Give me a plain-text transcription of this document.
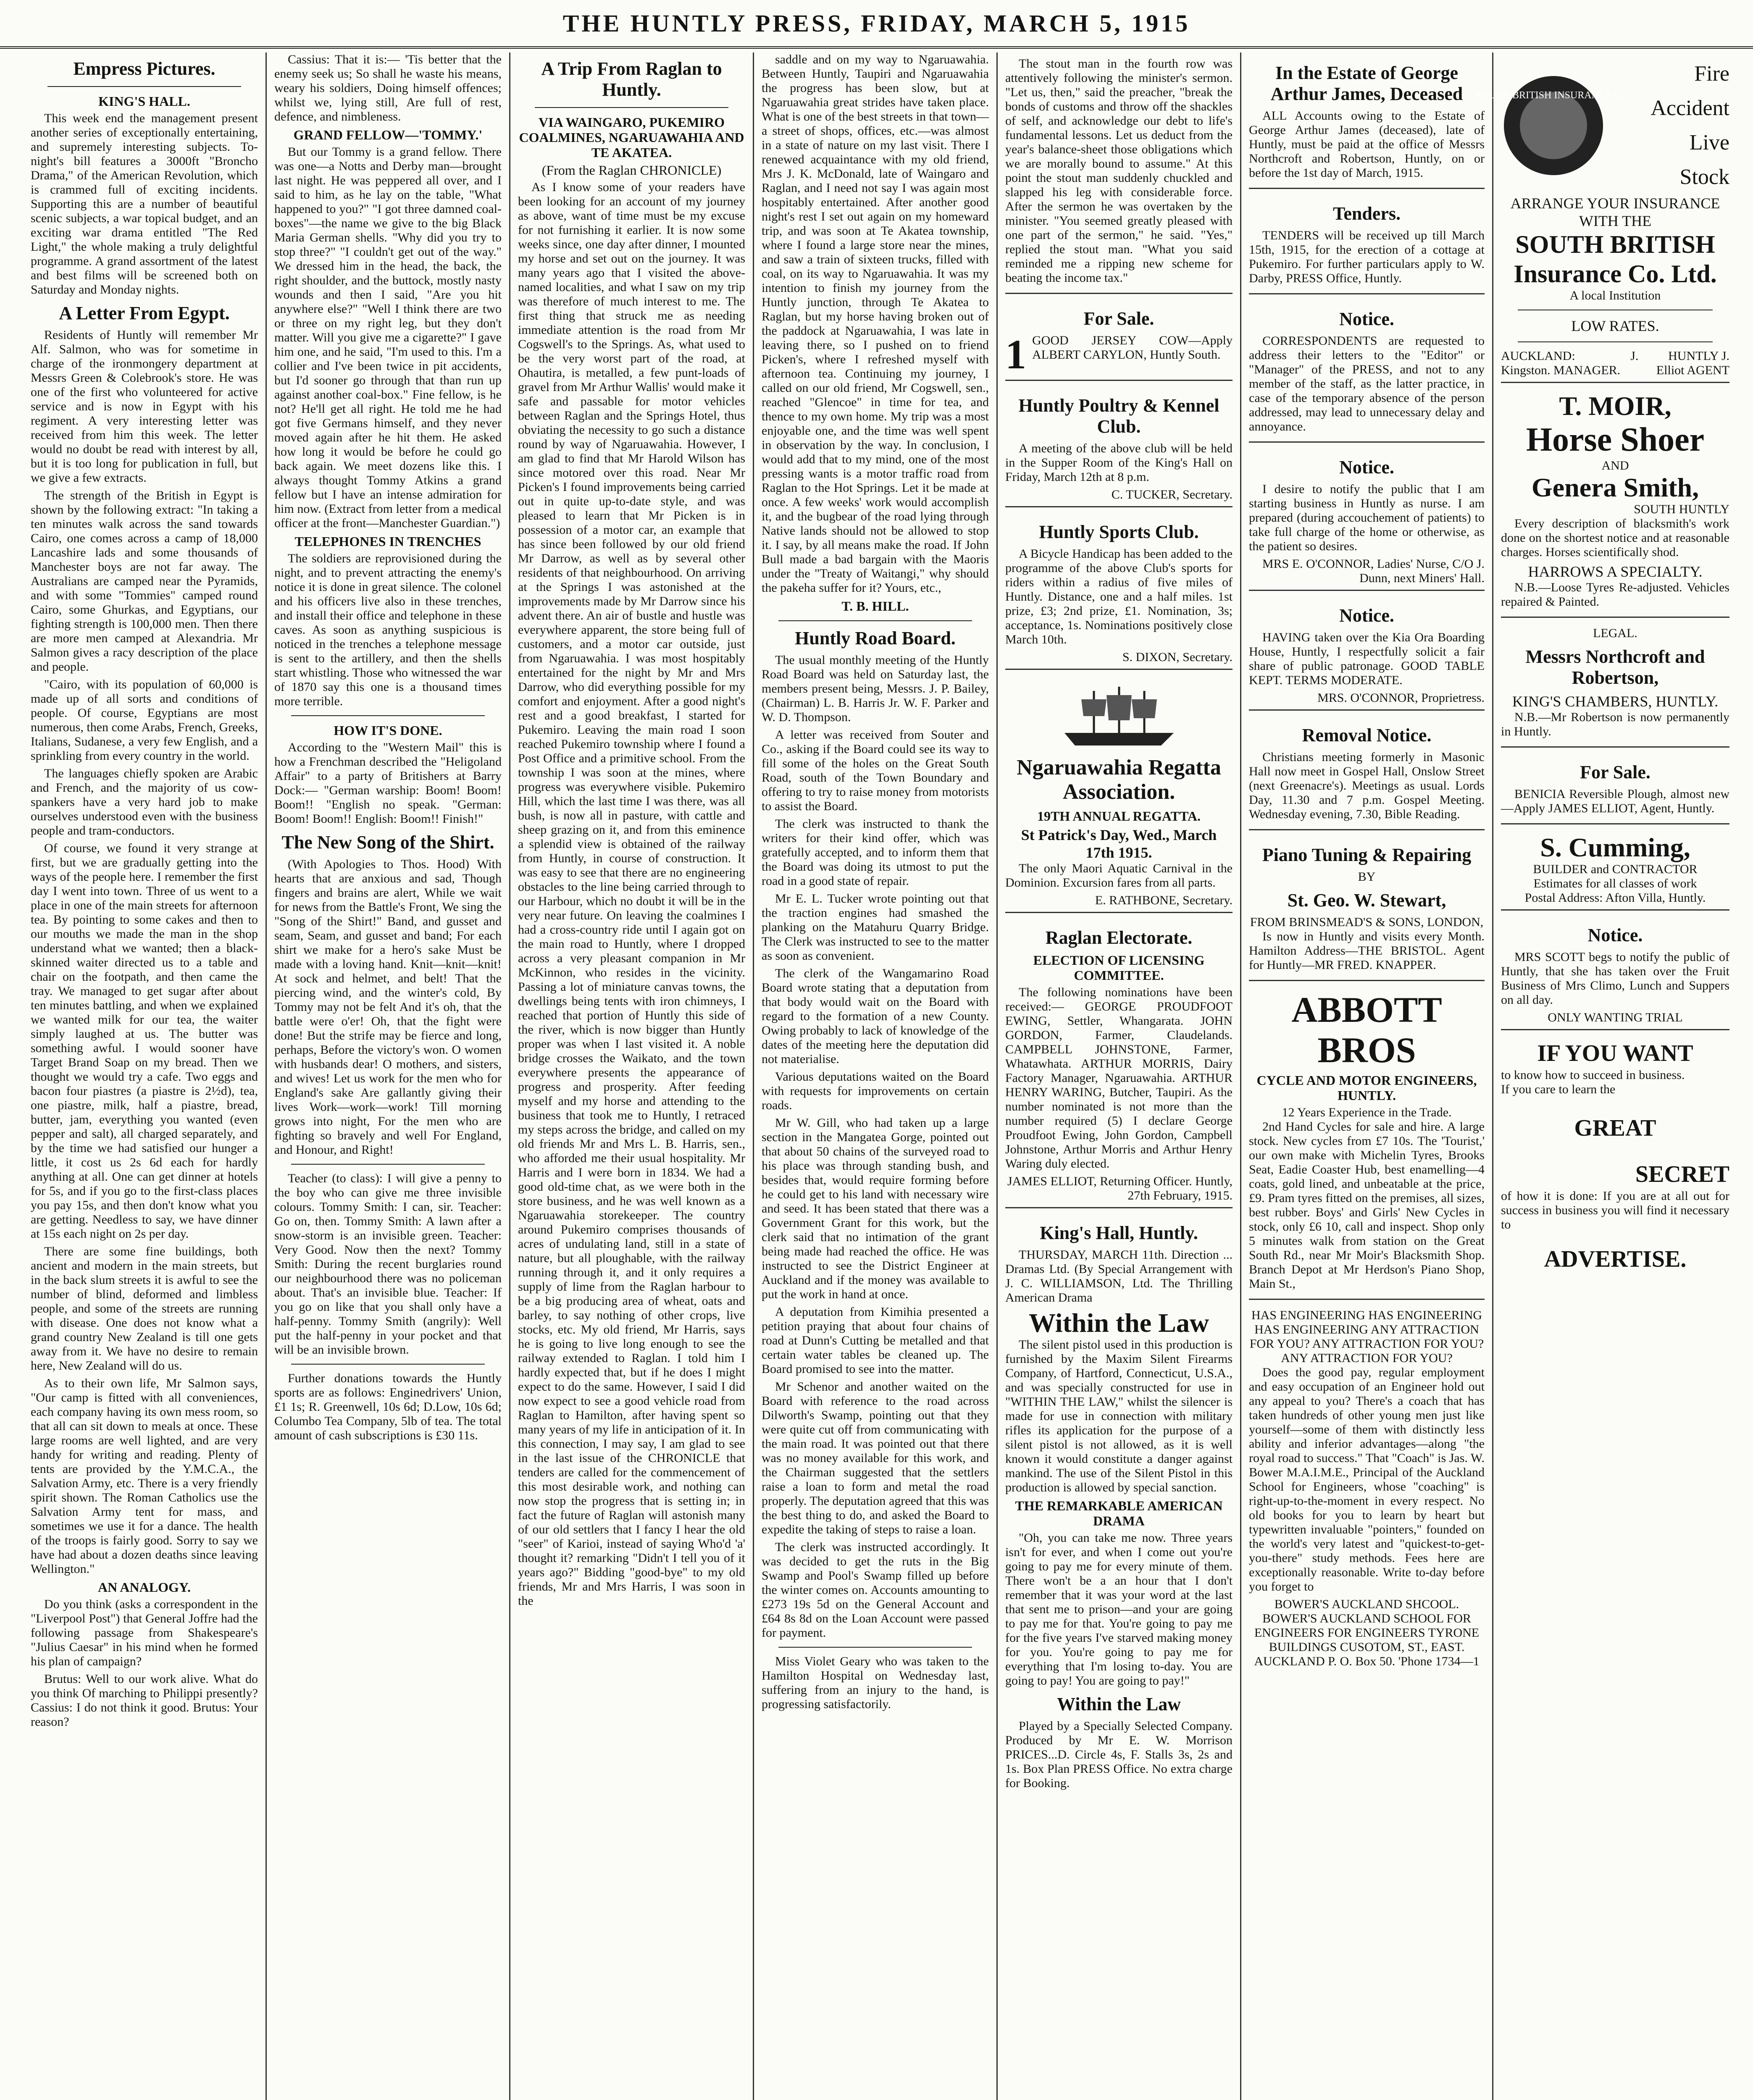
THE HUNTLY PRESS, FRIDAY, MARCH 5, 1915
Empress Pictures.
KING'S HALL.

This week end the management present another series of exceptionally entertaining, and supremely interesting subjects. To-night's bill features a 3000ft "Broncho Drama," of the American Revolution, which is crammed full of exciting incidents. Supporting this are a number of beautiful scenic subjects, a war topical budget, and an exciting war drama entitled "The Red Light," the whole making a truly delightful programme. A grand assortment of the latest and best films will be screened both on Saturday and Monday nights.

A Letter From Egypt.

Residents of Huntly will remember Mr Alf. Salmon, who was for sometime in charge of the ironmongery department at Messrs Green & Colebrook's store. He was one of the first who volunteered for active service and is now in Egypt with his regiment. A very interesting letter was received from him this week. The letter would no doubt be read with interest by all, but it is too long for publication in full, but we give a few extracts.

The strength of the British in Egypt is shown by the following extract: "In taking a ten minutes walk across the sand towards Cairo, one comes across a camp of 18,000 Lancashire lads and some thousands of Manchester boys are not far away. The Australians are camped near the Pyramids, and with some "Tommies" camped round Cairo, some Ghurkas, and Egyptians, our fighting strength is 100,000 men. Then there are more men camped at Alexandria. Mr Salmon gives a racy description of the place and people.

"Cairo, with its population of 60,000 is made up of all sorts and conditions of people. Of course, Egyptians are most numerous, then come Arabs, French, Greeks, Italians, Sudanese, a very few English, and a sprinkling from every country in the world.

The languages chiefly spoken are Arabic and French, and the majority of us cow-spankers have a very hard job to make ourselves understood even with the business people and tram-conductors.

Of course, we found it very strange at first, but we are gradually getting into the ways of the people here. I remember the first day I went into town. Three of us went to a place in one of the main streets for afternoon tea. By pointing to some cakes and then to our mouths we made the man in the shop understand what we wanted; then a black-skinned waiter directed us to a table and chair on the footpath, and then came the tray. We managed to get sugar after about ten minutes battling, and when we explained we wanted milk for our tea, the waiter simply laughed at us. The butter was something awful. I would sooner have Target Brand Soap on my bread. Then we thought we would try a cafe. Two eggs and bacon four piastres (a piastre is 2½d), tea, one piastre, milk, half a piastre, bread, butter, jam, everything you wanted (even pepper and salt), all charged separately, and by the time we had satisfied our hunger a little, it cost us 2s 6d each for hardly anything at all. One can get dinner at hotels for 5s, and if you go to the first-class places you pay 15s, and then don't know what you are getting. Needless to say, we have dinner at 15s each night on 2s per day.

There are some fine buildings, both ancient and modern in the main streets, but in the back slum streets it is awful to see the number of blind, deformed and limbless people, and some of the streets are running with disease. One does not know what a grand country New Zealand is till one gets away from it. We have no desire to remain here, New Zealand will do us.

As to their own life, Mr Salmon says, "Our camp is fitted with all conveniences, each company having its own mess room, so that all can sit down to meals at once. These large rooms are well lighted, and are very handy for writing and reading. Plenty of tents are provided by the Y.M.C.A., the Salvation Army, etc. There is a very friendly spirit shown. The Roman Catholics use the Salvation Army tent for mass, and sometimes we use it for a dance. The health of the troops is fairly good. Sorry to say we have had about a dozen deaths since leaving Wellington."

AN ANALOGY.

Do you think (asks a correspondent in the "Liverpool Post") that General Joffre had the following passage from Shakespeare's "Julius Caesar" in his mind when he formed his plan of campaign?

Brutus: Well to our work alive. What do you think Of marching to Philippi presently? Cassius: I do not think it good. Brutus: Your reason?

Cassius: That it is:— 'Tis better that the enemy seek us; So shall he waste his means, weary his soldiers, Doing himself offences; whilst we, lying still, Are full of rest, defence, and nimbleness.

GRAND FELLOW—'TOMMY.'

But our Tommy is a grand fellow. There was one—a Notts and Derby man—brought last night. He was peppered all over, and I said to him, as he lay on the table, "What happened to you?" "I got three damned coal-boxes"—the name we give to the big Black Maria German shells. "Why did you try to stop three?" "I couldn't get out of the way." We dressed him in the head, the back, the right shoulder, and the buttock, mostly nasty wounds and then I said, "Are you hit anywhere else?" "Well I think there are two or three on my right leg, but they don't matter. Will you give me a cigarette?" I gave him one, and he said, "I'm used to this. I'm a collier and I've been twice in pit accidents, but I'd sooner go through that than run up against another coal-box." Fine fellow, is he not? He'll get all right. He told me he had got five Germans himself, and they never moved again after he hit them. He asked how long it would be before he could go back again. We meet dozens like this. I always thought Tommy Atkins a grand fellow but I have an intense admiration for him now. (Extract from letter from a medical officer at the front—Manchester Guardian.")

TELEPHONES IN TRENCHES

The soldiers are reprovisioned during the night, and to prevent attracting the enemy's notice it is done in great silence. The colonel and his officers live also in these trenches, and install their office and telephone in these caves. As soon as anything suspicious is noticed in the trenches a telephone message is sent to the artillery, and then the shells start whistling. Those who witnessed the war of 1870 say this one is a thousand times more terrible.

HOW IT'S DONE.

According to the "Western Mail" this is how a Frenchman described the "Heligoland Affair" to a party of Britishers at Barry Dock:— "German warship: Boom! Boom! Boom!! "English no speak. "German: Boom! Boom!! English: Boom!! Finish!"

The New Song of the Shirt.

(With Apologies to Thos. Hood) With hearts that are anxious and sad, Though fingers and brains are alert, While we wait for news from the Battle's Front, We sing the "Song of the Shirt!" Band, and gusset and seam, Seam, and gusset and band; For each shirt we make for a hero's sake Must be made with a loving hand. Knit—knit—knit! At sock and helmet, and belt! That the piercing wind, and the winter's cold, By Tommy may not be felt And it's oh, that the battle were o'er! Oh, that the fight were done! But the strife may be fierce and long, perhaps, Before the victory's won. O women with husbands dear! O mothers, and sisters, and wives! Let us work for the men who for England's sake Are gallantly giving their lives Work—work—work! Till morning grows into night, For the men who are fighting so bravely and well For England, and Honour, and Right!

Teacher (to class): I will give a penny to the boy who can give me three invisible colours. Tommy Smith: I can, sir. Teacher: Go on, then. Tommy Smith: A lawn after a snow-storm is an invisible green. Teacher: Very Good. Now then the next? Tommy Smith: During the recent burglaries round our neighbourhood there was no policeman about. That's an invisible blue. Teacher: If you go on like that you shall only have a half-penny. Tommy Smith (angrily): Well put the half-penny in your pocket and that will be an invisible brown.

Further donations towards the Huntly sports are as follows: Enginedrivers' Union, £1 1s; R. Greenwell, 10s 6d; D.Low, 10s 6d; Columbo Tea Company, 5lb of tea. The total amount of cash subscriptions is £30 11s.

A Trip From Raglan to Huntly.
VIA WAINGARO, PUKEMIRO COALMINES, NGARUAWAHIA AND TE AKATEA.
(From the Raglan CHRONICLE)

As I know some of your readers have been looking for an account of my journey as above, want of time must be my excuse for not furnishing it earlier. It is now some weeks since, one day after dinner, I mounted my horse and set out on the journey. It was many years ago that I visited the above-named localities, and what I saw on my trip was therefore of much interest to me. The first thing that struck me as needing immediate attention is the road from Mr Cogswell's to the Springs. As, what used to be the very worst part of the road, at Ohautira, is metalled, a few punt-loads of gravel from Mr Arthur Wallis' would make it safe and passable for motor vehicles between Raglan and the Springs Hotel, thus obviating the necessity to go such a distance round by way of Ngaruawahia. However, I am glad to find that Mr Harold Wilson has since motored over this road. Near Mr Picken's I found improvements being carried out in quite up-to-date style, and was pleased to learn that Mr Picken is in possession of a motor car, an example that has since been followed by our old friend Mr Darrow, as well as by several other residents of that neighbourhood. On arriving at the Springs I was astonished at the improvements made by Mr Darrow since his advent there. An air of bustle and hustle was everywhere apparent, the store being full of customers, and a motor car outside, just from Ngaruawahia. I was most hospitably entertained for the night by Mr and Mrs Darrow, who did everything possible for my comfort and enjoyment. After a good night's rest and a good breakfast, I started for Pukemiro. Leaving the main road I soon reached Pukemiro township where I found a Post Office and a primitive school. From the township I was soon at the mines, where progress was everywhere visible. Pukemiro Hill, which the last time I was there, was all bush, is now all in pasture, with cattle and sheep grazing on it, and from this eminence a splendid view is obtained of the railway from Huntly, in course of construction. It was easy to see that there are no engineering obstacles to the line being carried through to our Harbour, which no doubt it will be in the very near future. On leaving the coalmines I had a cross-country ride until I again got on the main road to Huntly, where I dropped across a very pleasant companion in Mr McKinnon, who resides in the vicinity. Passing a lot of miniature canvas towns, the dwellings being tents with iron chimneys, I reached that portion of Huntly this side of the river, which is now bigger than Huntly proper was when I last visited it. A noble bridge crosses the Waikato, and the town everywhere presents the appearance of progress and prosperity. After feeding myself and my horse and attending to the business that took me to Huntly, I retraced my steps across the bridge, and called on my old friends Mr and Mrs L. B. Harris, sen., who afforded me their usual hospitality. Mr Harris and I were born in 1834. We had a good old-time chat, as we were both in the store business, and he was well known as a Ngaruawahia storekeeper. The country around Pukemiro comprises thousands of acres of undulating land, still in a state of nature, but all ploughable, with the railway running through it, and it only requires a supply of lime from the Raglan harbour to be a big producing area of wheat, oats and barley, to say nothing of other crops, live stocks, etc. My old friend, Mr Harris, says he is going to live long enough to see the railway extended to Raglan. I told him I hardly expected that, but if he does I might expect to do the same. However, I said I did now expect to see a good vehicle road from Raglan to Hamilton, after having spent so many years of my life in anticipation of it. In this connection, I may say, I am glad to see in the last issue of the CHRONICLE that tenders are called for the commencement of this most desirable work, and nothing can now stop the progress that is setting in; in fact the future of Raglan will astonish many of our old settlers that I fancy I hear the old "seer" of Karioi, instead of saying Who'd 'a' thought it? remarking "Didn't I tell you of it years ago?" Bidding "good-bye" to my old friends, Mr and Mrs Harris, I was soon in the

saddle and on my way to Ngaruawahia. Between Huntly, Taupiri and Ngaruawahia the progress has been slow, but at Ngaruawahia great strides have taken place. What is one of the best streets in that town—a street of shops, offices, etc.—was almost in a state of nature on my last visit. There I renewed acquaintance with my old friend, Mrs J. K. McDonald, late of Waingaro and Raglan, and I need not say I was again most hospitably entertained. After another good night's rest I set out again on my homeward trip, and was soon at Te Akatea township, where I found a large store near the mines, and saw a train of sixteen trucks, filled with coal, on its way to Ngaruawahia. It was my intention to finish my journey from the Huntly junction, through Te Akatea to Raglan, but my horse having broken out of the paddock at Ngaruawahia, I was late in leaving there, so I pushed on to friend Picken's, where I refreshed myself with afternoon tea. Continuing my journey, I called on our old friend, Mr Cogswell, sen., reached "Glencoe" in time for tea, and thence to my own home. My trip was a most enjoyable one, and the time was well spent in observation by the way. In conclusion, I would add that to my mind, one of the most pressing wants is a motor traffic road from Raglan to the Hot Springs. Let it be made at once. A few weeks' work would accomplish it, and the bugbear of the road lying through Native lands should not be allowed to stop it. I say, by all means make the road. If John Bull made a bad bargain with the Maoris under the "Treaty of Waitangi," why should the pakeha suffer for it? Yours, etc.,

T. B. HILL.
Huntly Road Board.

The usual monthly meeting of the Huntly Road Board was held on Saturday last, the members present being, Messrs. J. P. Bailey, (Chairman) L. B. Harris Jr. W. F. Parker and W. D. Thompson.

A letter was received from Souter and Co., asking if the Board could see its way to fill some of the holes on the Great South Road, south of the Town Boundary and offering to try to raise money from motorists to assist the Board.

The clerk was instructed to thank the writers for their kind offer, which was gratefully accepted, and to inform them that the Board was doing its utmost to put the road in a good state of repair.

Mr E. L. Tucker wrote pointing out that the traction engines had smashed the planking on the Matahuru Quarry Bridge. The Clerk was instructed to see to the matter as soon as convenient.

The clerk of the Wangamarino Road Board wrote stating that a deputation from that body would wait on the Board with regard to the formation of a new County. Owing probably to lack of knowledge of the dates of the meeting here the deputation did not materialise.

Various deputations waited on the Board with requests for improvements on certain roads.

Mr W. Gill, who had taken up a large section in the Mangatea Gorge, pointed out that about 50 chains of the surveyed road to his place was through standing bush, and besides that, would require forming before he could get to his land with necessary wire and seed. It has been stated that there was a Government Grant for this work, but the clerk said that no intimation of the grant being made had reached the office. He was instructed to see the District Engineer at Auckland and if the money was available to put the work in hand at once.

A deputation from Kimihia presented a petition praying that about four chains of road at Dunn's Cutting be metalled and that certain water tables be cleaned up. The Board promised to see into the matter.

Mr Schenor and another waited on the Board with reference to the road across Dilworth's Swamp, pointing out that they were quite cut off from communicating with the main road. It was pointed out that there was no money available for this work, and the Chairman suggested that the settlers raise a loan to form and metal the road properly. The deputation agreed that this was the best thing to do, and asked the Board to expedite the taking of steps to raise a loan.

The clerk was instructed accordingly. It was decided to get the ruts in the Big Swamp and Pool's Swamp filled up before the winter comes on. Accounts amounting to £273 19s 5d on the General Account and £64 8s 8d on the Loan Account were passed for payment.

Miss Violet Geary who was taken to the Hamilton Hospital on Wednesday last, suffering from an injury to the hand, is progressing satisfactorily.

The stout man in the fourth row was attentively following the minister's sermon. "Let us, then," said the preacher, "break the bonds of customs and throw off the shackles of self, and acknowledge our debt to life's fundamental lessons. Let us deduct from the year's balance-sheet those obligations which we are morally bound to assume." At this point the stout man suddenly chuckled and slapped his leg with considerable force. After the sermon he was overtaken by the minister. "You seemed greatly pleased with one part of the sermon," he said. "Yes," replied the stout man. "What you said reminded me a ripping new scheme for beating the income tax."

For Sale.
1 GOOD JERSEY COW—Apply ALBERT CARYLON, Huntly South.
Huntly Poultry & Kennel Club.

A meeting of the above club will be held in the Supper Room of the King's Hall on Friday, March 12th at 8 p.m.

C. TUCKER, Secretary.
Huntly Sports Club.

A Bicycle Handicap has been added to the programme of the above Club's sports for riders within a radius of five miles of Huntly. Distance, one and a half miles. 1st prize, £3; 2nd prize, £1. Nomination, 3s; acceptance, 1s. Nominations positively close March 10th.

S. DIXON, Secretary.
Ngaruawahia Regatta Association.
19TH ANNUAL REGATTA.
St Patrick's Day, Wed., March 17th 1915.

The only Maori Aquatic Carnival in the Dominion. Excursion fares from all parts.

E. RATHBONE, Secretary.
Raglan Electorate.
ELECTION OF LICENSING COMMITTEE.

The following nominations have been received:— GEORGE PROUDFOOT EWING, Settler, Whangarata. JOHN GORDON, Farmer, Claudelands. CAMPBELL JOHNSTONE, Farmer, Whatawhata. ARTHUR MORRIS, Dairy Factory Manager, Ngaruawahia. ARTHUR HENRY WARING, Butcher, Taupiri. As the number nominated is not more than the number required (5) I declare George Proudfoot Ewing, John Gordon, Campbell Johnstone, Arthur Morris and Arthur Henry Waring duly elected.

JAMES ELLIOT, Returning Officer. Huntly, 27th February, 1915.
King's Hall, Huntly.

THURSDAY, MARCH 11th. Direction ... Dramas Ltd. (By Special Arrangement with J. C. WILLIAMSON, Ltd. The Thrilling American Drama

Within the Law

The silent pistol used in this production is furnished by the Maxim Silent Firearms Company, of Hartford, Connecticut, U.S.A., and was specially constructed for use in "WITHIN THE LAW," whilst the silencer is made for use in connection with military rifles its application for the purpose of a silent pistol is not allowed, as it is well known it would constitute a danger against mankind. The use of the Silent Pistol in this production is allowed by special sanction.

THE REMARKABLE AMERICAN DRAMA

"Oh, you can take me now. Three years isn't for ever, and when I come out you're going to pay me for every minute of them. There won't be a an hour that I don't remember that it was your word at the last that sent me to prison—and your are going to pay me for that. You're going to pay me for the five years I've starved making money for you. You're going to pay me for everything that I'm losing to-day. You are going to pay! You are going to pay!"

Within the Law

Played by a Specially Selected Company. Produced by Mr E. W. Morrison PRICES...D. Circle 4s, F. Stalls 3s, 2s and 1s. Box Plan PRESS Office. No extra charge for Booking.

In the Estate of George Arthur James, Deceased

ALL Accounts owing to the Estate of George Arthur James (deceased), late of Huntly, must be paid at the office of Messrs Northcroft and Robertson, Huntly, on or before the 1st day of March, 1915.

Tenders.

TENDERS will be received up till March 15th, 1915, for the erection of a cottage at Pukemiro. For further particulars apply to W. Darby, PRESS Office, Huntly.

Notice.

CORRESPONDENTS are requested to address their letters to the "Editor" or "Manager" of the PRESS, and not to any member of the staff, as the latter practice, in case of the temporary absence of the person addressed, may lead to unnecessary delay and annoyance.

Notice.

I desire to notify the public that I am starting business in Huntly as nurse. I am prepared (during accouchement of patients) to take full charge of the home or otherwise, as the patient so desires.

MRS E. O'CONNOR, Ladies' Nurse, C/O J. Dunn, next Miners' Hall.
Notice.

HAVING taken over the Kia Ora Boarding House, Huntly, I respectfully solicit a fair share of public patronage. GOOD TABLE KEPT. TERMS MODERATE.

MRS. O'CONNOR, Proprietress.
Removal Notice.

Christians meeting formerly in Masonic Hall now meet in Gospel Hall, Onslow Street (next Greenacre's). Meetings as usual. Lords Day, 11.30 and 7 p.m. Gospel Meeting. Wednesday evening, 7.30, Bible Reading.

Piano Tuning & Repairing
BY
St. Geo. W. Stewart,
FROM BRINSMEAD'S & SONS, LONDON,

Is now in Huntly and visits every Month. Hamilton Address—THE BRISTOL. Agent for Huntly—MR FRED. KNAPPER.

ABBOTT BROS
CYCLE AND MOTOR ENGINEERS, HUNTLY.
12 Years Experience in the Trade.

2nd Hand Cycles for sale and hire. A large stock. New cycles from £7 10s. The 'Tourist,' our own make with Michelin Tyres, Brooks Seat, Eadie Coaster Hub, best enamelling—4 coats, gold lined, and unbeatable at the price, £9. Pram tyres fitted on the premises, all sizes, best rubber. Boys' and Girls' New Cycles in stock, only £6 10, call and inspect. Shop only 5 minutes walk from station on the Great South Rd., near Mr Moir's Blacksmith Shop. Branch Depot at Mr Herdson's Piano Shop, Main St.,

HAS ENGINEERING HAS ENGINEERING HAS ENGINEERING ANY ATTRACTION FOR YOU? ANY ATTRACTION FOR YOU? ANY ATTRACTION FOR YOU?

Does the good pay, regular employment and easy occupation of an Engineer hold out any appeal to you? There's a coach that has taken hundreds of other young men just like yourself—some of them with distinctly less ability and inferior advantages—along "the royal road to success." That "Coach" is Jas. W. Bower M.A.I.M.E., Principal of the Auckland School for Engineers, whose "coaching" is right-up-to-the-moment in every respect. No old books for you to learn by heart but typewritten invaluable "pointers," founded on the world's very latest and "quickest-to-get-you-there" study methods. Fees here are exceptionally reasonable. Write to-day before you forget to

BOWER'S AUCKLAND SHCOOL. BOWER'S AUCKLAND SCHOOL FOR ENGINEERS FOR ENGINEERS TYRONE BUILDINGS CUSOTOM, ST., EAST. AUCKLAND P. O. Box 50. 'Phone 1734—1
SOUTH BRITISH INSURANCE CO.
Fire
Accident
Live
Stock
ARRANGE YOUR INSURANCE WITH THE
SOUTH BRITISH Insurance Co. Ltd.
A local Institution
LOW RATES.
AUCKLAND: J. Kingston. MANAGER.
HUNTLY J. Elliot AGENT
T. MOIR,
Horse Shoer
AND
Genera Smith,
SOUTH HUNTLY

Every description of blacksmith's work done on the shortest notice and at reasonable charges. Horses scientifically shod.

HARROWS A SPECIALTY.

N.B.—Loose Tyres Re-adjusted. Vehicles repaired & Painted.

LEGAL.
Messrs Northcroft and Robertson,
KING'S CHAMBERS, HUNTLY.

N.B.—Mr Robertson is now permanently in Huntly.

For Sale.

BENICIA Reversible Plough, almost new—Apply JAMES ELLIOT, Agent, Huntly.

S. Cumming,
BUILDER and CONTRACTOR
Estimates for all classes of work
Postal Address: Afton Villa, Huntly.
Notice.

MRS SCOTT begs to notify the public of Huntly, that she has taken over the Fruit Business of Mrs Climo, Lunch and Suppers on all day.

ONLY WANTING TRIAL
IF YOU WANT
to know how to succeed in business.
If you care to learn the
GREAT
SECRET
of how it is done: If you are at all out for success in business you will find it necessary to
ADVERTISE.
